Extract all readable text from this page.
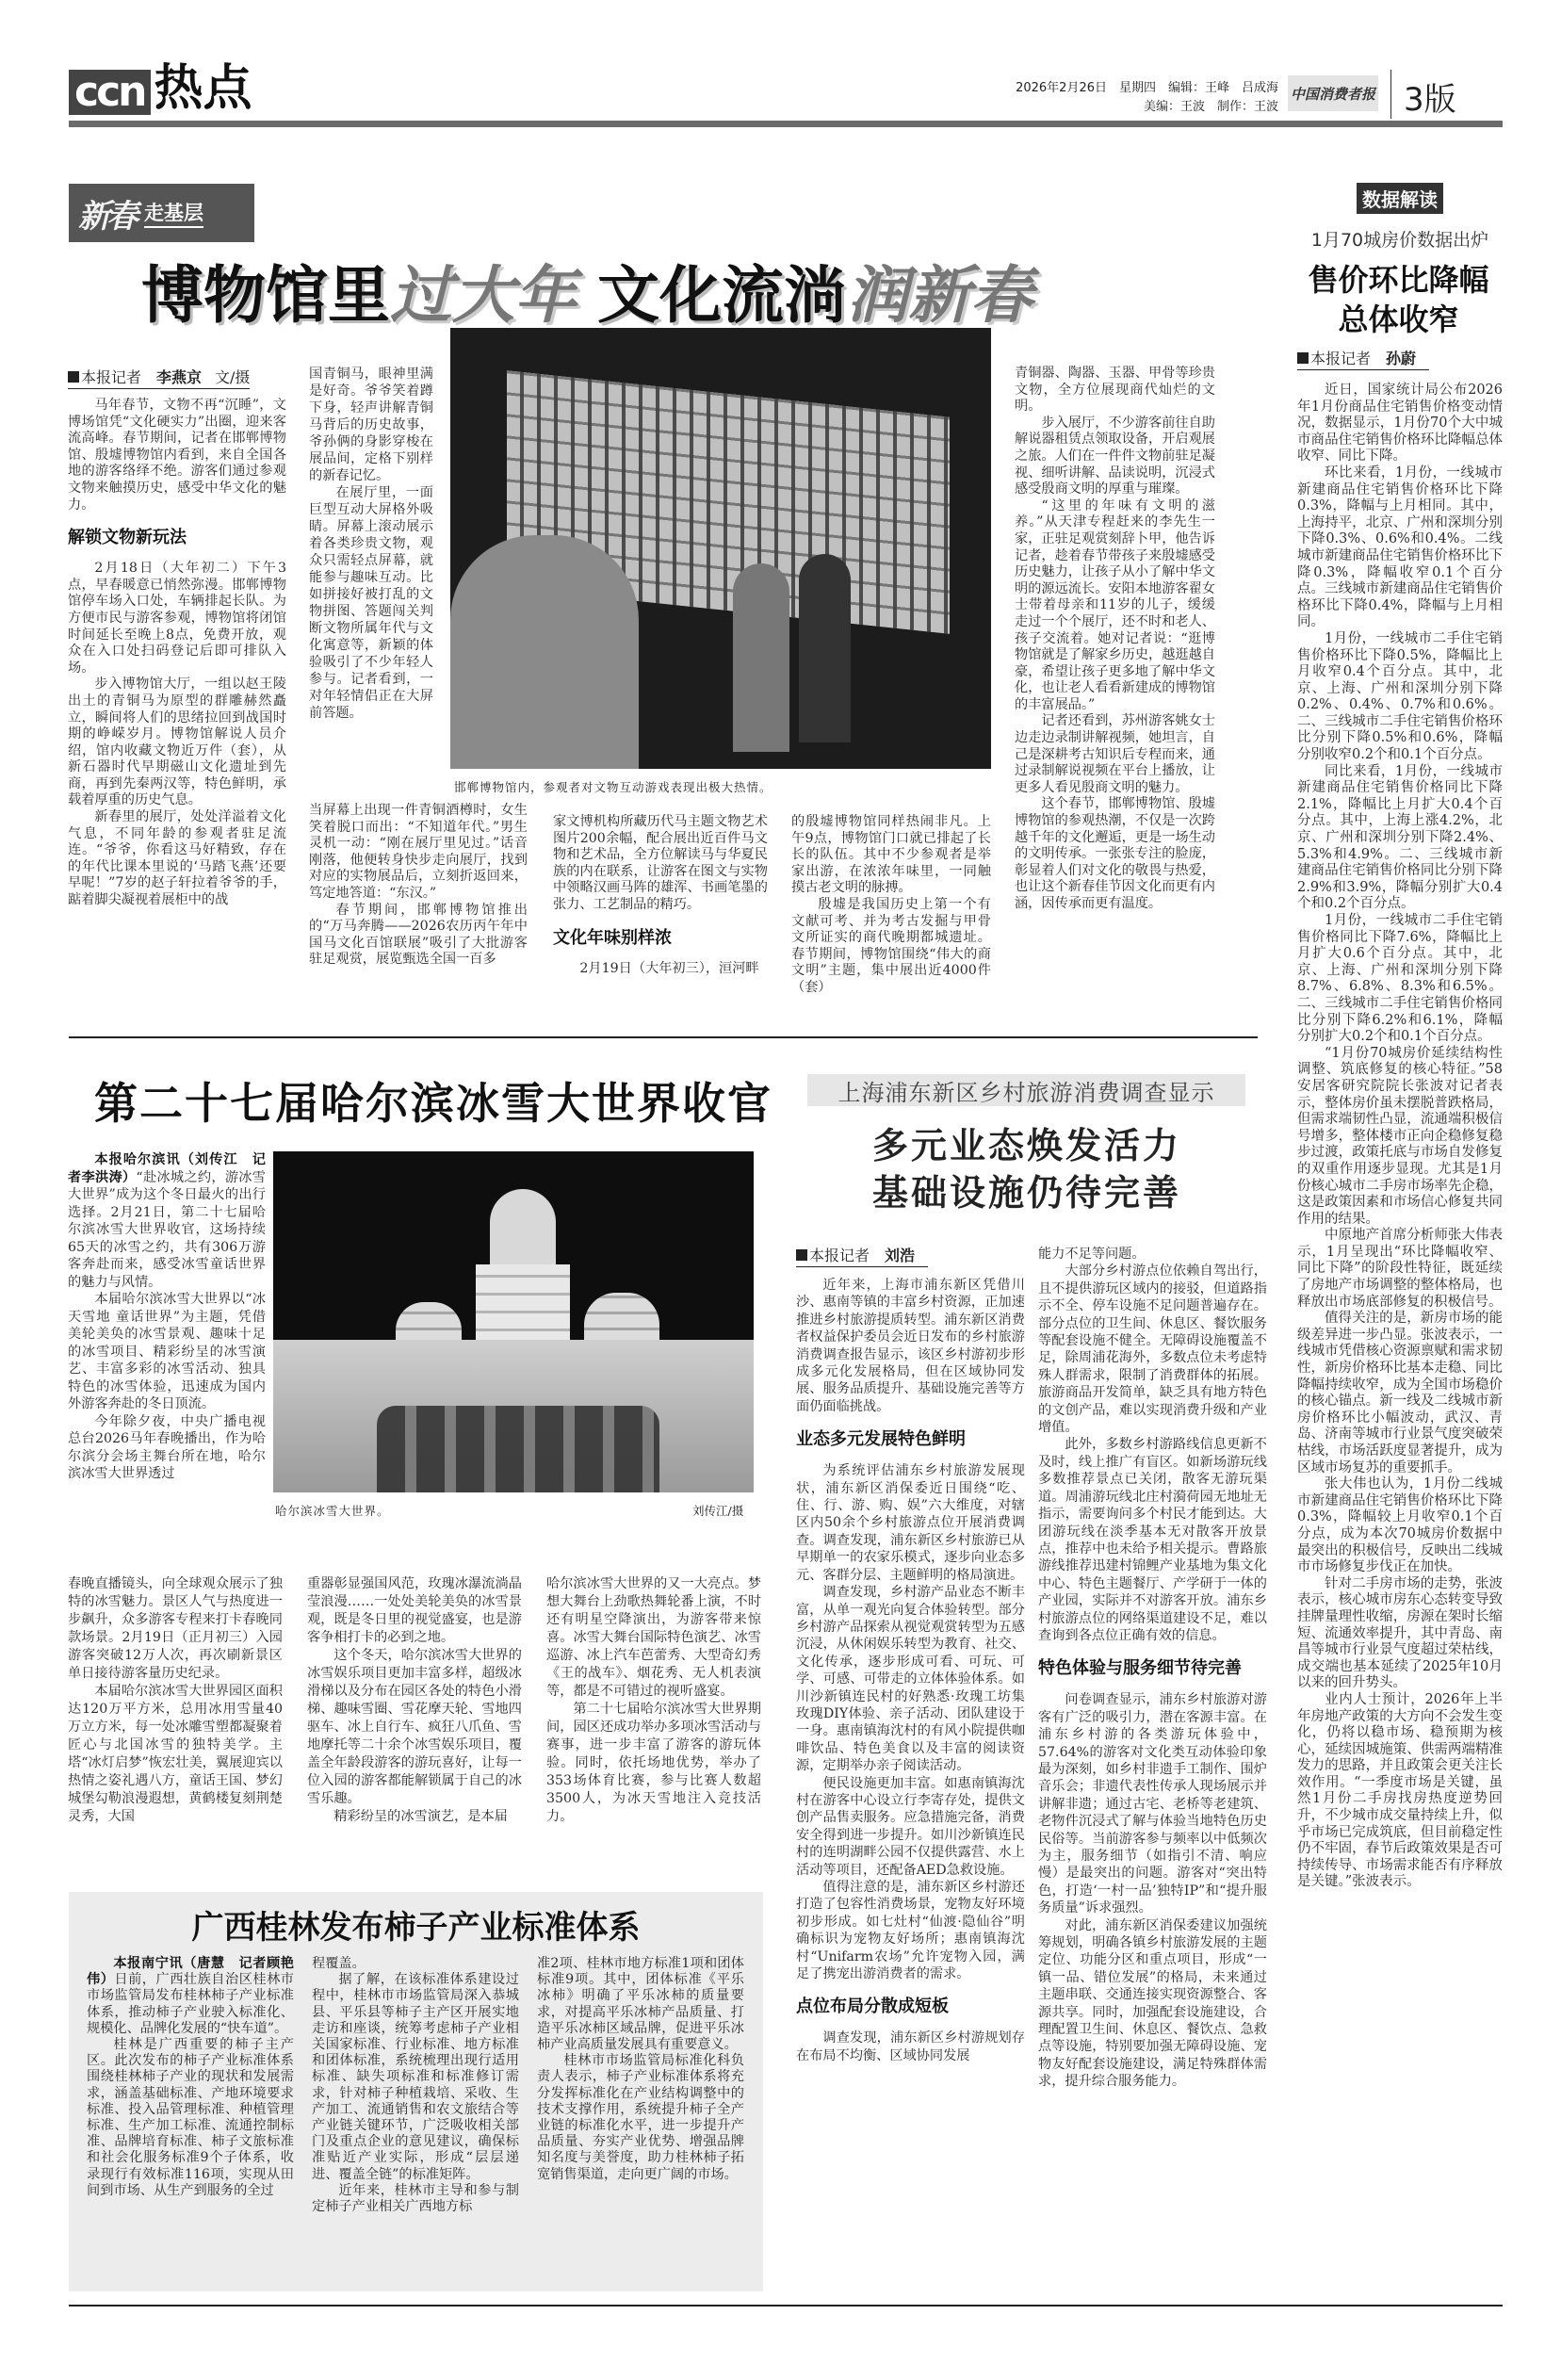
ccn 热点	2026年2月26日　星期四　编辑：王峰　吕成海
美编：王波　制作：王波
中国消费者报 3版
新春 走基层
博物馆里过大年 文化流淌润新春
邯郸博物馆内，参观者对文物互动游戏表现出极大热情。
本报记者 李燕京 文/摄

马年春节，文物不再“沉睡”，文博场馆凭“文化硬实力”出圈，迎来客流高峰。春节期间，记者在邯郸博物馆、殷墟博物馆内看到，来自全国各地的游客络绎不绝。游客们通过参观文物来触摸历史，感受中华文化的魅力。

解锁文物新玩法

2月18日（大年初二）下午3点，早春暖意已悄然弥漫。邯郸博物馆停车场入口处，车辆排起长队。为方便市民与游客参观，博物馆将闭馆时间延长至晚上8点，免费开放，观众在入口处扫码登记后即可排队入场。

步入博物馆大厅，一组以赵王陵出土的青铜马为原型的群雕赫然矗立，瞬间将人们的思绪拉回到战国时期的峥嵘岁月。博物馆解说人员介绍，馆内收藏文物近万件（套），从新石器时代早期磁山文化遗址到先商，再到先秦两汉等，特色鲜明，承载着厚重的历史气息。

新春里的展厅，处处洋溢着文化气息，不同年龄的参观者驻足流连。“爷爷，你看这马好精致，存在的年代比课本里说的‘马踏飞燕’还要早呢！”7岁的赵子轩拉着爷爷的手，踮着脚尖凝视着展柜中的战

国青铜马，眼神里满是好奇。爷爷笑着蹲下身，轻声讲解青铜马背后的历史故事，爷孙俩的身影穿梭在展品间，定格下别样的新春记忆。

在展厅里，一面巨型互动大屏格外吸睛。屏幕上滚动展示着各类珍贵文物，观众只需轻点屏幕，就能参与趣味互动。比如拼接好被打乱的文物拼图、答题闯关判断文物所属年代与文化寓意等，新颖的体验吸引了不少年轻人参与。记者看到，一对年轻情侣正在大屏前答题。

当屏幕上出现一件青铜酒樽时，女生笑着脱口而出：“不知道年代。”男生灵机一动：“刚在展厅里见过。”话音刚落，他便转身快步走向展厅，找到对应的实物展品后，立刻折返回来，笃定地答道：“东汉。”

春节期间，邯郸博物馆推出的“万马奔腾——2026农历丙午年中国马文化百馆联展”吸引了大批游客驻足观赏，展览甄选全国一百多

家文博机构所藏历代马主题文物艺术图片200余幅，配合展出近百件马文物和艺术品，全方位解读马与华夏民族的内在联系，让游客在图文与实物中领略汉画马阵的雄浑、书画笔墨的张力、工艺制品的精巧。

文化年味别样浓

2月19日（大年初三），洹河畔

的殷墟博物馆同样热闹非凡。上午9点，博物馆门口就已排起了长长的队伍。其中不少参观者是举家出游，在浓浓年味里，一同触摸古老文明的脉搏。

殷墟是我国历史上第一个有文献可考、并为考古发掘与甲骨文所证实的商代晚期都城遗址。春节期间，博物馆围绕“伟大的商文明”主题，集中展出近4000件（套）

青铜器、陶器、玉器、甲骨等珍贵文物，全方位展现商代灿烂的文明。

步入展厅，不少游客前往自助解说器租赁点领取设备，开启观展之旅。人们在一件件文物前驻足凝视、细听讲解、品读说明，沉浸式感受殷商文明的厚重与璀璨。

“这里的年味有文明的滋养。”从天津专程赶来的李先生一家，正驻足观赏刻辞卜甲，他告诉记者，趁着春节带孩子来殷墟感受历史魅力，让孩子从小了解中华文明的源远流长。安阳本地游客翟女士带着母亲和11岁的儿子，缓缓走过一个个展厅，还不时和老人、孩子交流着。她对记者说：“逛博物馆就是了解家乡历史，越逛越自豪，希望让孩子更多地了解中华文化，也让老人看看新建成的博物馆的丰富展品。”

记者还看到，苏州游客姚女士边走边录制讲解视频，她坦言，自己是深耕考古知识后专程而来，通过录制解说视频在平台上播放，让更多人看见殷商文明的魅力。

这个春节，邯郸博物馆、殷墟博物馆的参观热潮，不仅是一次跨越千年的文化邂逅，更是一场生动的文明传承。一张张专注的脸庞，彰显着人们对文化的敬畏与热爱，也让这个新春佳节因文化而更有内涵，因传承而更有温度。

第二十七届哈尔滨冰雪大世界收官

本报哈尔滨讯（刘传江　记者李洪涛）“赴冰城之约，游冰雪大世界”成为这个冬日最火的出行选择。2月21日，第二十七届哈尔滨冰雪大世界收官，这场持续65天的冰雪之约，共有306万游客奔赴而来，感受冰雪童话世界的魅力与风情。

本届哈尔滨冰雪大世界以“冰天雪地 童话世界”为主题，凭借美轮美奂的冰雪景观、趣味十足的冰雪项目、精彩纷呈的冰雪演艺、丰富多彩的冰雪活动、独具特色的冰雪体验，迅速成为国内外游客奔赴的冬日顶流。

今年除夕夜，中央广播电视总台2026马年春晚播出，作为哈尔滨分会场主舞台所在地，哈尔滨冰雪大世界透过

哈尔滨冰雪大世界。	刘传江/摄

春晚直播镜头，向全球观众展示了独特的冰雪魅力。景区人气与热度进一步飙升，众多游客专程来打卡春晚同款场景。2月19日（正月初三）入园游客突破12万人次，再次刷新景区单日接待游客量历史纪录。

本届哈尔滨冰雪大世界园区面积达120万平方米，总用冰用雪量40万立方米，每一处冰雕雪塑都凝聚着匠心与北国冰雪的独特美学。主塔“冰灯启梦”恢宏壮美，翼展迎宾以热情之姿礼遇八方，童话王国、梦幻城堡勾勒浪漫遐想，黄鹤楼复刻荆楚灵秀，大国

重器彰显强国风范，玫瑰冰瀑流淌晶莹浪漫……一处处美轮美奂的冰雪景观，既是冬日里的视觉盛宴，也是游客争相打卡的必到之地。

这个冬天，哈尔滨冰雪大世界的冰雪娱乐项目更加丰富多样，超级冰滑梯以及分布在园区各处的特色小滑梯、趣味雪圈、雪花摩天轮、雪地四驱车、冰上自行车、疯狂八爪鱼、雪地摩托等二十余个冰雪娱乐项目，覆盖全年龄段游客的游玩喜好，让每一位入园的游客都能解锁属于自己的冰雪乐趣。

精彩纷呈的冰雪演艺，是本届

哈尔滨冰雪大世界的又一大亮点。梦想大舞台上劲歌热舞轮番上演，不时还有明星空降演出，为游客带来惊喜。冰雪大舞台国际特色演艺、冰雪巡游、冰上汽车芭蕾秀、大型奇幻秀《王的战车》、烟花秀、无人机表演等，都是不可错过的视听盛宴。

第二十七届哈尔滨冰雪大世界期间，园区还成功举办多项冰雪活动与赛事，进一步丰富了游客的游玩体验。同时，依托场地优势，举办了353场体育比赛，参与比赛人数超3500人，为冰天雪地注入竞技活力。

广西桂林发布柿子产业标准体系

本报南宁讯（唐慧　记者顾艳伟）日前，广西壮族自治区桂林市市场监管局发布桂林柿子产业标准体系，推动柿子产业驶入标准化、规模化、品牌化发展的“快车道”。

桂林是广西重要的柿子主产区。此次发布的柿子产业标准体系围绕桂林柿子产业的现状和发展需求，涵盖基础标准、产地环境要求标准、投入品管理标准、种植管理标准、生产加工标准、流通控制标准、品牌培育标准、柿子文旅标准和社会化服务标准9个子体系，收录现行有效标准116项，实现从田间到市场、从生产到服务的全过

程覆盖。

据了解，在该标准体系建设过程中，桂林市市场监管局深入恭城县、平乐县等柿子主产区开展实地走访和座谈，统筹考虑柿子产业相关国家标准、行业标准、地方标准和团体标准，系统梳理出现行适用标准、缺失项标准和标准修订需求，针对柿子种植栽培、采收、生产加工、流通销售和农文旅结合等产业链关键环节，广泛吸收相关部门及重点企业的意见建议，确保标准贴近产业实际，形成“层层递进、覆盖全链”的标准矩阵。

近年来，桂林市主导和参与制定柿子产业相关广西地方标

准2项、桂林市地方标准1项和团体标准9项。其中，团体标准《平乐冰柿》明确了平乐冰柿的质量要求，对提高平乐冰柿产品质量、打造平乐冰柿区域品牌，促进平乐冰柿产业高质量发展具有重要意义。

桂林市市场监管局标准化科负责人表示，柿子产业标准体系将充分发挥标准化在产业结构调整中的技术支撑作用，系统提升柿子全产业链的标准化水平，进一步提升产品质量、夯实产业优势、增强品牌知名度与美誉度，助力桂林柿子拓宽销售渠道，走向更广阔的市场。

上海浦东新区乡村旅游消费调查显示
多元业态焕发活力
基础设施仍待完善
本报记者 刘浩

近年来，上海市浦东新区凭借川沙、惠南等镇的丰富乡村资源，正加速推进乡村旅游提质转型。浦东新区消费者权益保护委员会近日发布的乡村旅游消费调查报告显示，该区乡村游初步形成多元化发展格局，但在区域协同发展、服务品质提升、基础设施完善等方面仍面临挑战。

业态多元发展特色鲜明

为系统评估浦东乡村旅游发展现状，浦东新区消保委近日围绕“吃、住、行、游、购、娱”六大维度，对辖区内50余个乡村旅游点位开展消费调查。调查发现，浦东新区乡村旅游已从早期单一的农家乐模式，逐步向业态多元、客群分层、主题鲜明的格局演进。

调查发现，乡村游产品业态不断丰富，从单一观光向复合体验转型。部分乡村游产品探索从视觉观赏转型为五感沉浸，从休闲娱乐转型为教育、社交、文化传承，逐步形成可看、可玩、可学、可感、可带走的立体体验体系。如川沙新镇连民村的好熟悉·玫瑰工坊集玫瑰DIY体验、亲子活动、团队建设于一身。惠南镇海沈村的有风小院提供咖啡饮品、特色美食以及丰富的阅读资源，定期举办亲子阅读活动。

便民设施更加丰富。如惠南镇海沈村在游客中心设立行李寄存处，提供文创产品售卖服务。应急措施完备，消费安全得到进一步提升。如川沙新镇连民村的连明湖畔公园不仅提供露营、水上活动等项目，还配备AED急救设施。

值得注意的是，浦东新区乡村游还打造了包容性消费场景，宠物友好环境初步形成。如七灶村“仙渡·隐仙谷”明确标识为宠物友好场所；惠南镇海沈村“Unifarm农场”允许宠物入园，满足了携宠出游消费者的需求。

点位布局分散成短板

调查发现，浦东新区乡村游规划存在布局不均衡、区域协同发展

能力不足等问题。

大部分乡村游点位依赖自驾出行，且不提供游玩区域内的接驳，但道路指示不全、停车设施不足问题普遍存在。部分点位的卫生间、休息区、餐饮服务等配套设施不健全。无障碍设施覆盖不足，除周浦花海外，多数点位未考虑特殊人群需求，限制了消费群体的拓展。旅游商品开发简单，缺乏具有地方特色的文创产品，难以实现消费升级和产业增值。

此外，多数乡村游路线信息更新不及时，线上推广有盲区。如新场游玩线多数推荐景点已关闭，散客无游玩渠道。周浦游玩线北庄村漪荷园无地址无指示，需要询问多个村民才能到达。大团游玩线在淡季基本无对散客开放景点，推荐中也未给予相关提示。曹路旅游线推荐迅建村锦鲤产业基地为集文化中心、特色主题餐厅、产学研于一体的产业园，实际并不对游客开放。浦东乡村旅游点位的网络渠道建设不足，难以查询到各点位正确有效的信息。

特色体验与服务细节待完善

问卷调查显示，浦东乡村旅游对游客有广泛的吸引力，潜在客源丰富。在浦东乡村游的各类游玩体验中，57.64%的游客对文化类互动体验印象最为深刻，如乡村非遗手工制作、围炉音乐会；非遗代表性传承人现场展示并讲解非遗；通过古宅、老桥等老建筑、老物件沉浸式了解与体验当地特色历史民俗等。当前游客参与频率以中低频次为主，服务细节（如指引不清、响应慢）是最突出的问题。游客对“突出特色，打造‘一村一品’独特IP”和“提升服务质量”诉求强烈。

对此，浦东新区消保委建议加强统筹规划，明确各镇乡村旅游发展的主题定位、功能分区和重点项目，形成“一镇一品、错位发展”的格局，未来通过主题串联、交通连接实现资源整合、客源共享。同时，加强配套设施建设，合理配置卫生间、休息区、餐饮点、急救点等设施，特别要加强无障碍设施、宠物友好配套设施建设，满足特殊群体需求，提升综合服务能力。

数据解读
1月70城房价数据出炉
售价环比降幅
总体收窄
本报记者 孙蔚

近日，国家统计局公布2026年1月份商品住宅销售价格变动情况，数据显示，1月份70个大中城市商品住宅销售价格环比降幅总体收窄、同比下降。

环比来看，1月份，一线城市新建商品住宅销售价格环比下降0.3%，降幅与上月相同。其中，上海持平，北京、广州和深圳分别下降0.3%、0.6%和0.4%。二线城市新建商品住宅销售价格环比下降0.3%，降幅收窄0.1个百分点。三线城市新建商品住宅销售价格环比下降0.4%，降幅与上月相同。

1月份，一线城市二手住宅销售价格环比下降0.5%，降幅比上月收窄0.4个百分点。其中，北京、上海、广州和深圳分别下降0.2%、0.4%、0.7%和0.6%。二、三线城市二手住宅销售价格环比分别下降0.5%和0.6%，降幅分别收窄0.2个和0.1个百分点。

同比来看，1月份，一线城市新建商品住宅销售价格同比下降2.1%，降幅比上月扩大0.4个百分点。其中，上海上涨4.2%，北京、广州和深圳分别下降2.4%、5.3%和4.9%。二、三线城市新建商品住宅销售价格同比分别下降2.9%和3.9%，降幅分别扩大0.4个和0.2个百分点。

1月份，一线城市二手住宅销售价格同比下降7.6%，降幅比上月扩大0.6个百分点。其中，北京、上海、广州和深圳分别下降8.7%、6.8%、8.3%和6.5%。二、三线城市二手住宅销售价格同比分别下降6.2%和6.1%，降幅分别扩大0.2个和0.1个百分点。

“1月份70城房价延续结构性调整、筑底修复的核心特征。”58安居客研究院院长张波对记者表示，整体房价虽未摆脱普跌格局，但需求端韧性凸显，流通端积极信号增多，整体楼市正向企稳修复稳步过渡，政策托底与市场自发修复的双重作用逐步显现。尤其是1月份核心城市二手房市场率先企稳，这是政策因素和市场信心修复共同作用的结果。

中原地产首席分析师张大伟表示，1月呈现出“环比降幅收窄、同比下降”的阶段性特征，既延续了房地产市场调整的整体格局，也释放出市场底部修复的积极信号。

值得关注的是，新房市场的能级差异进一步凸显。张波表示，一线城市凭借核心资源禀赋和需求韧性，新房价格环比基本走稳、同比降幅持续收窄，成为全国市场稳价的核心锚点。新一线及二线城市新房价格环比小幅波动，武汉、青岛、济南等城市行业景气度突破荣枯线，市场活跃度显著提升，成为区域市场复苏的重要抓手。

张大伟也认为，1月份二线城市新建商品住宅销售价格环比下降0.3%，降幅较上月收窄0.1个百分点，成为本次70城房价数据中最突出的积极信号，反映出二线城市市场修复步伐正在加快。

针对二手房市场的走势，张波表示，核心城市房东心态转变导致挂牌量理性收缩，房源在架时长缩短、流通效率提升，其中青岛、南昌等城市行业景气度超过荣枯线，成交端也基本延续了2025年10月以来的回升势头。

业内人士预计，2026年上半年房地产政策的大方向不会发生变化，仍将以稳市场、稳预期为核心，延续因城施策、供需两端精准发力的思路，并且政策会更关注长效作用。“一季度市场是关键，虽然1月份二手房找房热度逆势回升，不少城市成交量持续上升，似乎市场已完成筑底，但目前稳定性仍不牢固，春节后政策效果是否可持续传导、市场需求能否有序释放是关键。”张波表示。
